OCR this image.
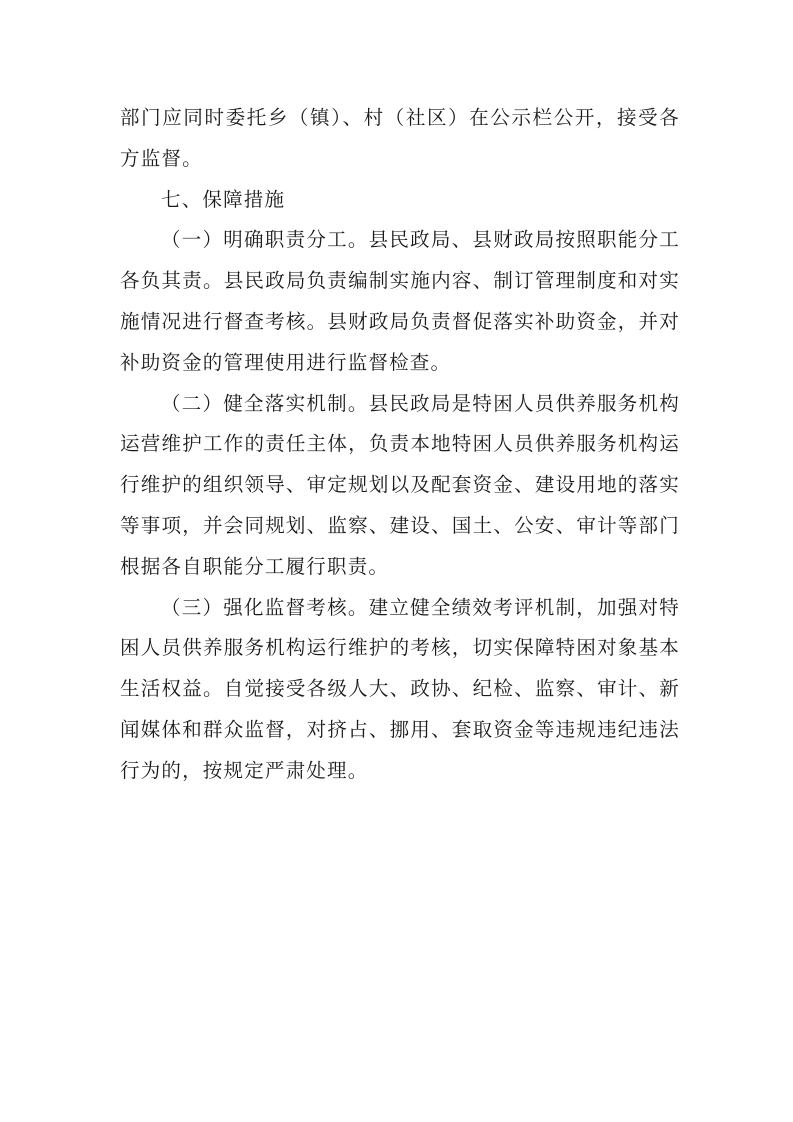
部门应同时委托乡（镇）、村（社区）在公示栏公开，接受各方监督。

七、保障措施

（一）明确职责分工。县民政局、县财政局按照职能分工各负其责。县民政局负责编制实施内容、制订管理制度和对实施情况进行督查考核。县财政局负责督促落实补助资金，并对补助资金的管理使用进行监督检查。

（二）健全落实机制。县民政局是特困人员供养服务机构运营维护工作的责任主体，负责本地特困人员供养服务机构运行维护的组织领导、审定规划以及配套资金、建设用地的落实等事项，并会同规划、监察、建设、国土、公安、审计等部门根据各自职能分工履行职责。

（三）强化监督考核。建立健全绩效考评机制，加强对特困人员供养服务机构运行维护的考核，切实保障特困对象基本生活权益。自觉接受各级人大、政协、纪检、监察、审计、新闻媒体和群众监督，对挤占、挪用、套取资金等违规违纪违法行为的，按规定严肃处理。
